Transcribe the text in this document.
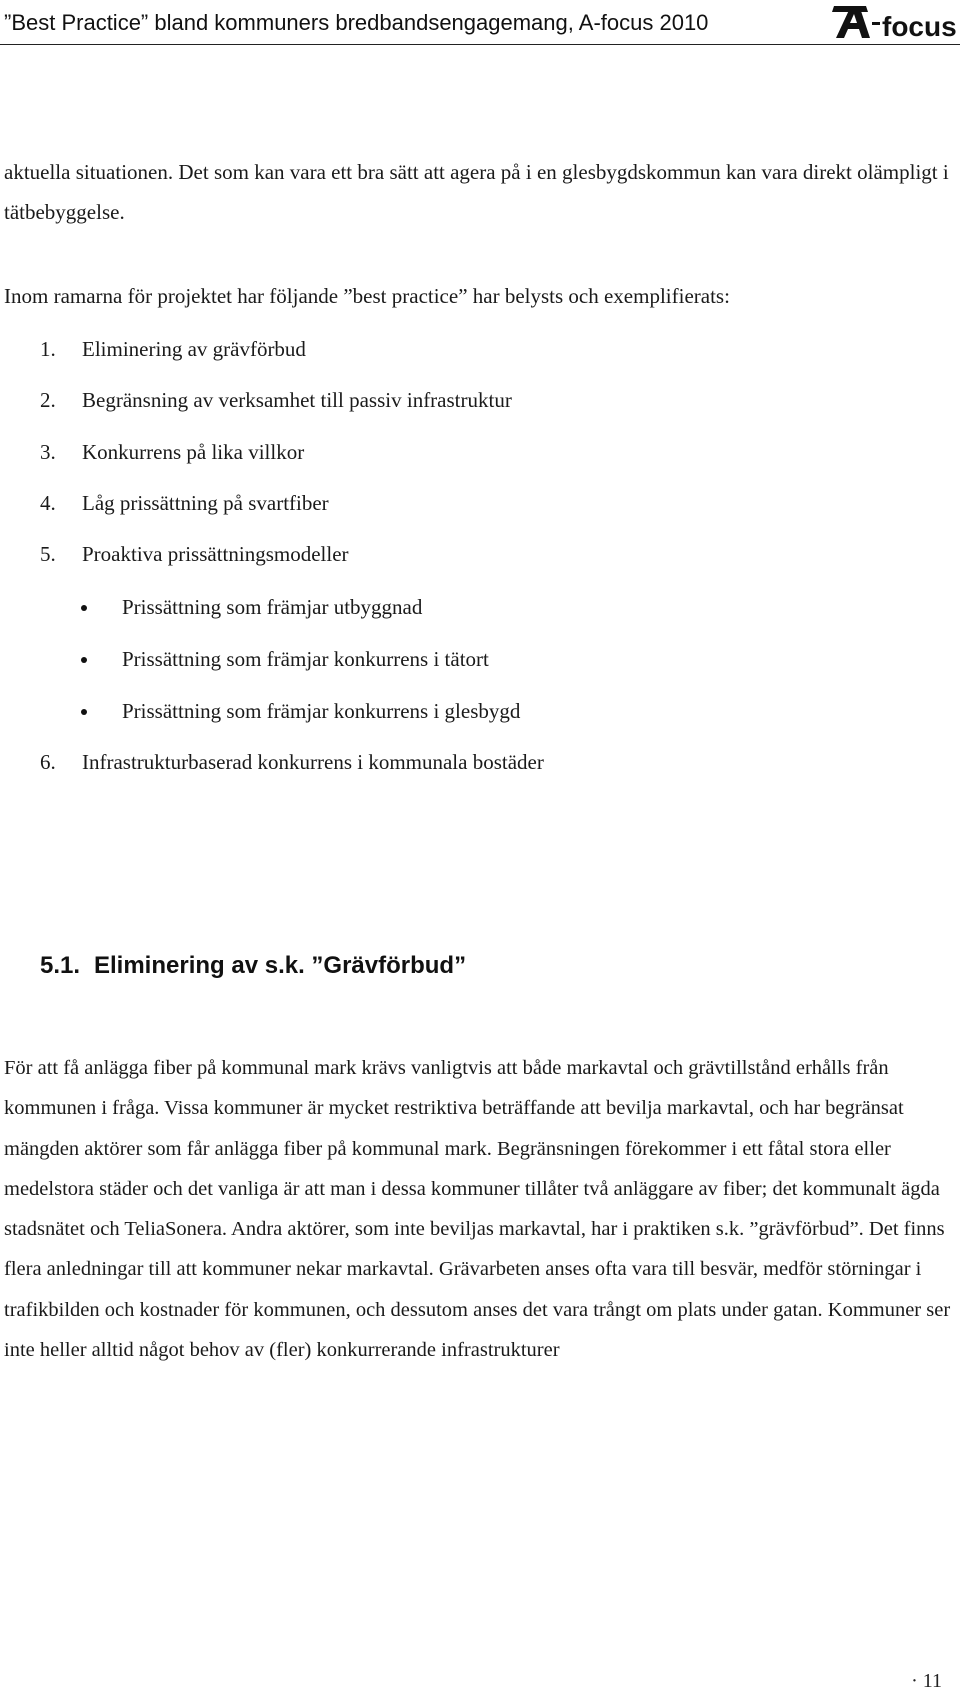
”Best Practice” bland kommuners bredbandsengagemang, A-focus 2010	focus

aktuella situationen. Det som kan vara ett bra sätt att agera på i en glesbygdskommun kan vara direkt olämpligt i tätbebyggelse.

Inom ramarna för projektet har följande ”best practice” har belysts och exemplifierats:

1. Eliminering av grävförbud
2. Begränsning av verksamhet till passiv infrastruktur
3. Konkurrens på lika villkor
4. Låg prissättning på svartfiber
5. Proaktiva prissättningsmodeller
Prissättning som främjar utbyggnad
Prissättning som främjar konkurrens i tätort
Prissättning som främjar konkurrens i glesbygd
6. Infrastrukturbaserad konkurrens i kommunala bostäder
5.1. Eliminering av s.k. ”Grävförbud”

För att få anlägga fiber på kommunal mark krävs vanligtvis att både markavtal och grävtillstånd erhålls från kommunen i fråga. Vissa kommuner är mycket restriktiva beträffande att bevilja markavtal, och har begränsat mängden aktörer som får anlägga fiber på kommunal mark. Begränsningen förekommer i ett fåtal stora eller medelstora städer och det vanliga är att man i dessa kommuner tillåter två anläggare av fiber; det kommunalt ägda stadsnätet och TeliaSonera. Andra aktörer, som inte beviljas markavtal, har i praktiken s.k. ”grävförbud”. Det finns flera anledningar till att kommuner nekar markavtal. Grävarbeten anses ofta vara till besvär, medför störningar i trafikbilden och kostnader för kommunen, och dessutom anses det vara trångt om plats under gatan. Kommuner ser inte heller alltid något behov av (fler) konkurrerande infrastrukturer

· 11
